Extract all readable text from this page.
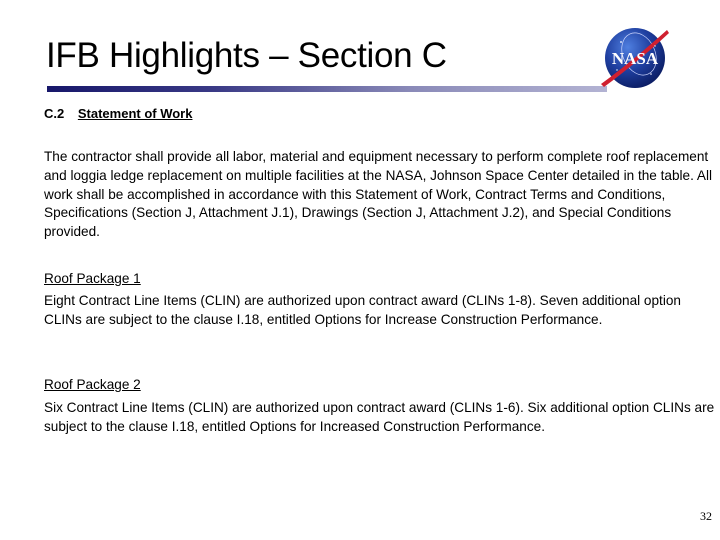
IFB Highlights – Section C	NASA
C.2 Statement of Work

The contractor shall provide all labor, material and equipment necessary to perform complete roof replacement and loggia ledge replacement on multiple facilities at the NASA, Johnson Space Center detailed in the table. All work shall be accomplished in accordance with this Statement of Work, Contract Terms and Conditions, Specifications (Section J, Attachment J.1), Drawings (Section J, Attachment J.2), and Special Conditions provided.

Roof Package 1

Eight Contract Line Items (CLIN) are authorized upon contract award (CLINs 1-8). Seven additional option CLINs are subject to the clause I.18, entitled Options for Increase Construction Performance.

Roof Package 2

Six Contract Line Items (CLIN) are authorized upon contract award (CLINs 1-6). Six additional option CLINs are subject to the clause I.18, entitled Options for Increased Construction Performance.

32
